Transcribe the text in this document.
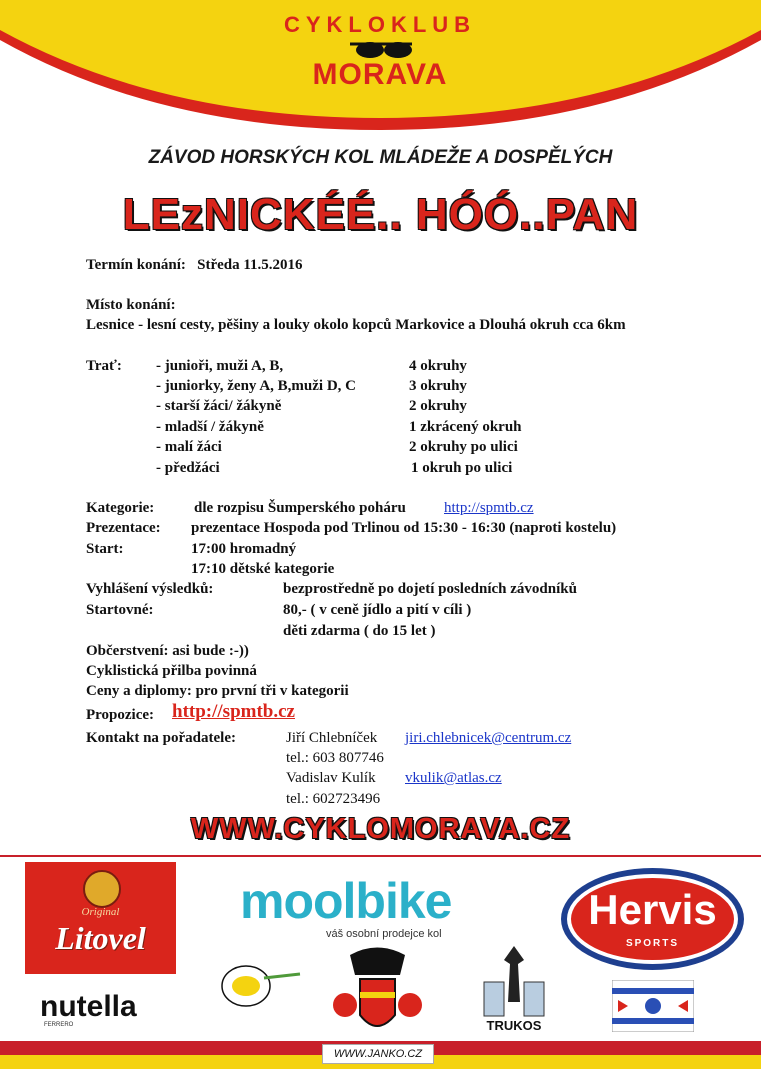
CYKLOKLUB
MORAVA
ZÁVOD HORSKÝCH KOL MLÁDEŽE A DOSPĚLÝCH
LEzNICKÉÉ.. HÓÓ..PAN
Termín konání: Středa 11.5.2016
Místo konání:
Lesnice - lesní cesty, pěšiny a louky okolo kopců Markovice a Dlouhá okruh cca 6km
Trať: - junioři, muži A, B,	4 okruhy
- juniorky, ženy A, B,muži D, C	3 okruhy
- starší žáci/ žákyně	2 okruhy
- mladší / žákyně	1 zkrácený okruh
- malí žáci	2 okruhy po ulici
- předžáci	1 okruh po ulici
Kategorie:	dle rozpisu Šumperského poháru	http://spmtb.cz
Prezentace: prezentace Hospoda pod Trlinou od 15:30 - 16:30 (naproti kostelu)
Start:	17:00 hromadný
17:10 dětské kategorie
Vyhlášení výsledků:	bezprostředně po dojetí posledních závodníků
Startovné:	80,- ( v ceně jídlo a pití v cíli )
děti zdarma ( do 15 let )
Občerstvení: asi bude :-))
Cyklistická přilba povinná
Ceny a diplomy: pro první tři v kategorii
Propozice: http://spmtb.cz
Kontakt na pořadatele:	Jiří Chlebníček jiri.chlebnicek@centrum.cz
tel.: 603 807746
Vadislav Kulík vkulik@atlas.cz
tel.: 602723496
WWW.CYKLOMORAVA.CZ
Original
Litovel
moolbike
váš osobní prodejce kol
Hervis
SPORTS
nutella
FERRERO	TRUKOS
WWW.JANKO.CZ
